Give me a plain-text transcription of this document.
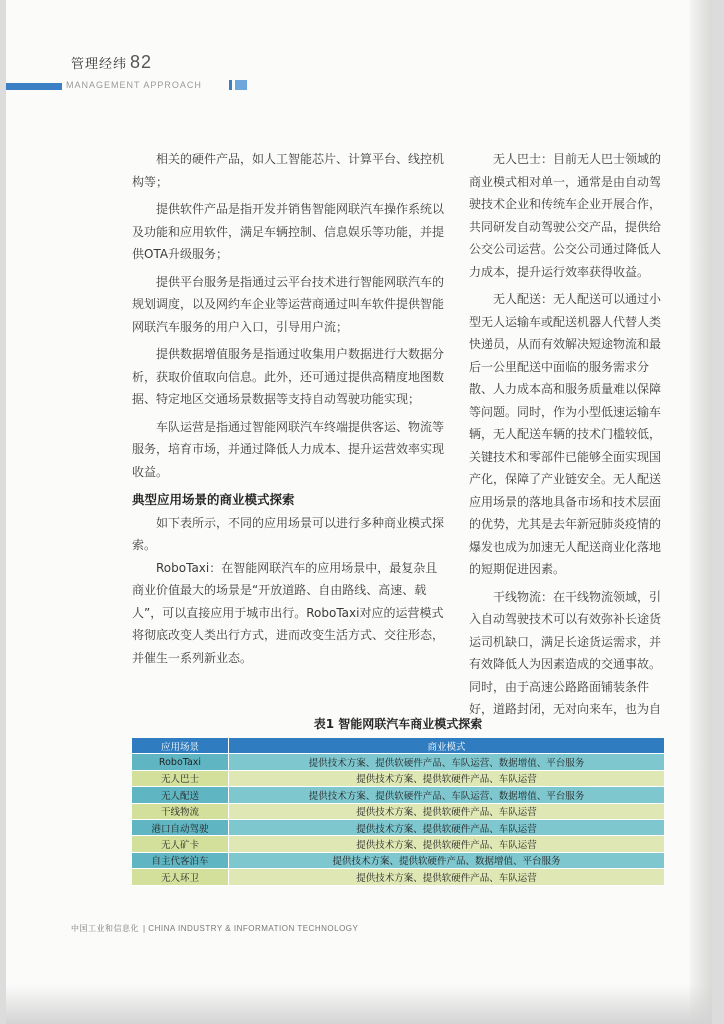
管理经纬 82
MANAGEMENT APPROACH

相关的硬件产品，如人工智能芯片、计算平台、线控机构等；

提供软件产品是指开发并销售智能网联汽车操作系统以及功能和应用软件，满足车辆控制、信息娱乐等功能，并提供OTA升级服务；

提供平台服务是指通过云平台技术进行智能网联汽车的规划调度，以及网约车企业等运营商通过叫车软件提供智能网联汽车服务的用户入口，引导用户流；

提供数据增值服务是指通过收集用户数据进行大数据分析，获取价值取向信息。此外，还可通过提供高精度地图数据、特定地区交通场景数据等支持自动驾驶功能实现；

车队运营是指通过智能网联汽车终端提供客运、物流等服务，培育市场，并通过降低人力成本、提升运营效率实现收益。

典型应用场景的商业模式探索

如下表所示，不同的应用场景可以进行多种商业模式探索。

RoboTaxi：在智能网联汽车的应用场景中，最复杂且商业价值最大的场景是“开放道路、自由路线、高速、载人”，可以直接应用于城市出行。RoboTaxi对应的运营模式将彻底改变人类出行方式，进而改变生活方式、交往形态，并催生一系列新业态。

无人巴士：目前无人巴士领域的商业模式相对单一，通常是由自动驾驶技术企业和传统车企业开展合作，共同研发自动驾驶公交产品，提供给公交公司运营。公交公司通过降低人力成本，提升运行效率获得收益。

无人配送：无人配送可以通过小型无人运输车或配送机器人代替人类快递员，从而有效解决短途物流和最后一公里配送中面临的服务需求分散、人力成本高和服务质量难以保障等问题。同时，作为小型低速运输车辆，无人配送车辆的技术门槛较低，关键技术和零部件已能够全面实现国产化，保障了产业链安全。无人配送应用场景的落地具备市场和技术层面的优势，尤其是去年新冠肺炎疫情的爆发也成为加速无人配送商业化落地的短期促进因素。

干线物流：在干线物流领域，引入自动驾驶技术可以有效弥补长途货运司机缺口，满足长途货运需求，并有效降低人为因素造成的交通事故。同时，由于高速公路路面铺装条件好，道路封闭，无对向来车，也为自

表1 智能网联汽车商业模式探索
应用场景	商业模式
RoboTaxi	提供技术方案、提供软硬件产品、车队运营、数据增值、平台服务
无人巴士	提供技术方案、提供软硬件产品、车队运营
无人配送	提供技术方案、提供软硬件产品、车队运营、数据增值、平台服务
干线物流	提供技术方案、提供软硬件产品、车队运营
港口自动驾驶	提供技术方案、提供软硬件产品、车队运营
无人矿卡	提供技术方案、提供软硬件产品、车队运营
自主代客泊车	提供技术方案、提供软硬件产品、数据增值、平台服务
无人环卫	提供技术方案、提供软硬件产品、车队运营
中国工业和信息化 | CHINA INDUSTRY & INFORMATION TECHNOLOGY
